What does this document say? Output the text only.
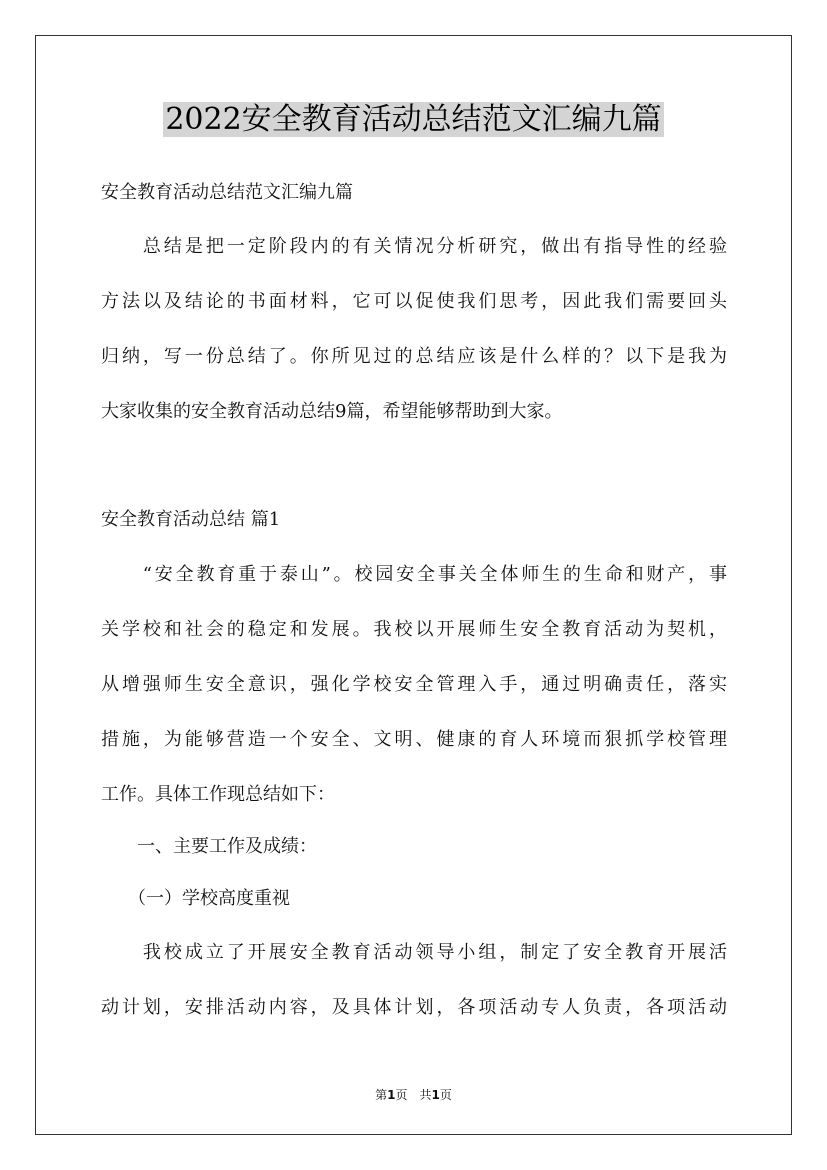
2022安全教育活动总结范文汇编九篇
安全教育活动总结范文汇编九篇
　　总结是把一定阶段内的有关情况分析研究，做出有指导性的经验
方法以及结论的书面材料，它可以促使我们思考，因此我们需要回头
归纳，写一份总结了。你所见过的总结应该是什么样的？以下是我为
大家收集的安全教育活动总结9篇，希望能够帮助到大家。
安全教育活动总结 篇1
　　“安全教育重于泰山”。校园安全事关全体师生的生命和财产，事
关学校和社会的稳定和发展。我校以开展师生安全教育活动为契机，
从增强师生安全意识，强化学校安全管理入手，通过明确责任，落实
措施，为能够营造一个安全、文明、健康的育人环境而狠抓学校管理
工作。具体工作现总结如下：
　　一、主要工作及成绩：
　　（一）学校高度重视
　　我校成立了开展安全教育活动领导小组，制定了安全教育开展活
动计划，安排活动内容，及具体计划，各项活动专人负责，各项活动
第1页　共1页
